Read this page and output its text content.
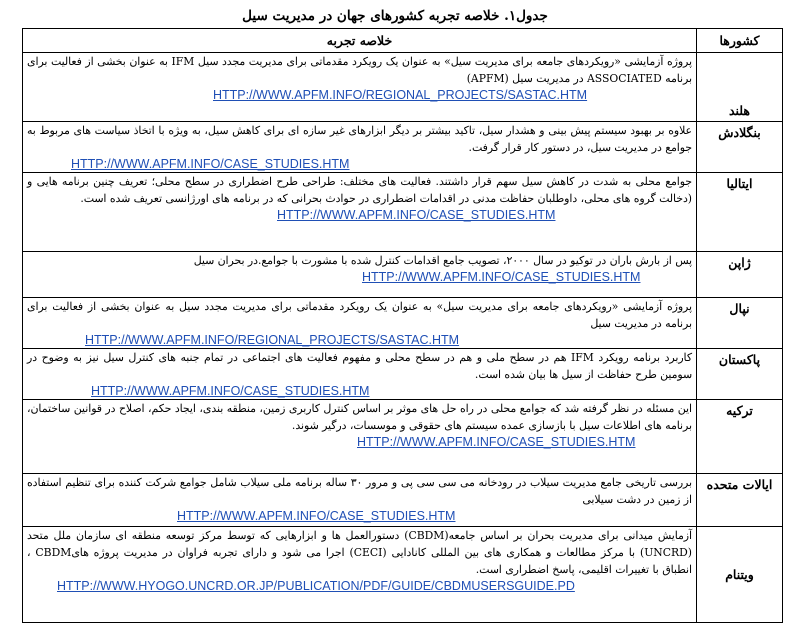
جدول۱. خلاصه تجربه کشورهای جهان در مدیریت سیل
کشورها	خلاصه تجربه
هلند	پروژه آزمایشی «رویکردهای جامعه برای مدیریت سیل» به عنوان یک رویکرد مقدماتی برای مدیریت مجدد سیل IFM به عنوان بخشی از فعالیت برای برنامه ASSOCIATED در مدیریت سیل (APFM)
HTTP://WWW.APFM.INFO/REGIONAL_PROJECTS/SASTAC.HTM

بنگلادش	علاوه بر بهبود سیستم پیش بینی و هشدار سیل، تاکید بیشتر بر دیگر ابزارهای غیر سازه ای برای کاهش سیل، به ویژه با اتخاذ سیاست های مربوط به جوامع در مدیریت سیل، در دستور کار قرار گرفت.
HTTP://WWW.APFM.INFO/CASE_STUDIES.HTM

ایتالیا	جوامع محلی به شدت در کاهش سیل سهم قرار داشتند. فعالیت های مختلف: طراحی طرح اضطراری در سطح محلی؛ تعریف چنین برنامه هایی و (دخالت گروه های محلی، داوطلبان حفاظت مدنی در اقدامات اضطراری در حوادث بحرانی که در برنامه های اورژانسی تعریف شده است.
HTTP://WWW.APFM.INFO/CASE_STUDIES.HTM

ژاپن	پس از بارش باران در توکیو در سال ۲۰۰۰، تصویب جامع اقدامات کنترل شده با مشورت با جوامع.در بحران سیل
HTTP://WWW.APFM.INFO/CASE_STUDIES.HTM

نپال	پروژه آزمایشی «رویکردهای جامعه برای مدیریت سیل» به عنوان یک رویکرد مقدماتی برای مدیریت مجدد سیل به عنوان بخشی از فعالیت برای برنامه در مدیریت سیل
HTTP://WWW.APFM.INFO/REGIONAL_PROJECTS/SASTAC.HTM

پاکستان	کاربرد برنامه رویکرد IFM هم در سطح ملی و هم در سطح محلی و مفهوم فعالیت های اجتماعی در تمام جنبه های کنترل سیل نیز به وضوح در سومین طرح حفاظت از سیل ها بیان شده است.
HTTP://WWW.APFM.INFO/CASE_STUDIES.HTM

ترکیه	این مسئله در نظر گرفته شد که جوامع محلی در راه حل های موثر بر اساس کنترل کاربری زمین، منطقه بندی، ایجاد حکم، اصلاح در قوانین ساختمان، برنامه های اطلاعات سیل با بازسازی عمده سیستم های حقوقی و موسسات، درگیر شوند.
HTTP://WWW.APFM.INFO/CASE_STUDIES.HTM

ایالات متحده	بررسی تاریخی جامع مدیریت سیلاب در رودخانه می سی سی پی و مرور ۳۰ ساله برنامه ملی سیلاب شامل جوامع شرکت کننده برای تنظیم استفاده از زمین در دشت سیلابی
HTTP://WWW.APFM.INFO/CASE_STUDIES.HTM

ویتنام	آزمایش میدانی برای مدیریت بحران بر اساس جامعه(CBDM) دستورالعمل ها و ابزارهایی که توسط مرکز توسعه منطقه ای سازمان ملل متحد (UNCRD) با مرکز مطالعات و همکاری های بین المللی کانادایی (CECI) اجرا می شود و دارای تجربه فراوان در مدیریت پروژه هایCBDM ، انطباق با تغییرات اقلیمی، پاسخ اضطراری است.
HTTP://WWW.HYOGO.UNCRD.OR.JP/PUBLICATION/PDF/GUIDE/CBDMUSERSGUIDE.PD
